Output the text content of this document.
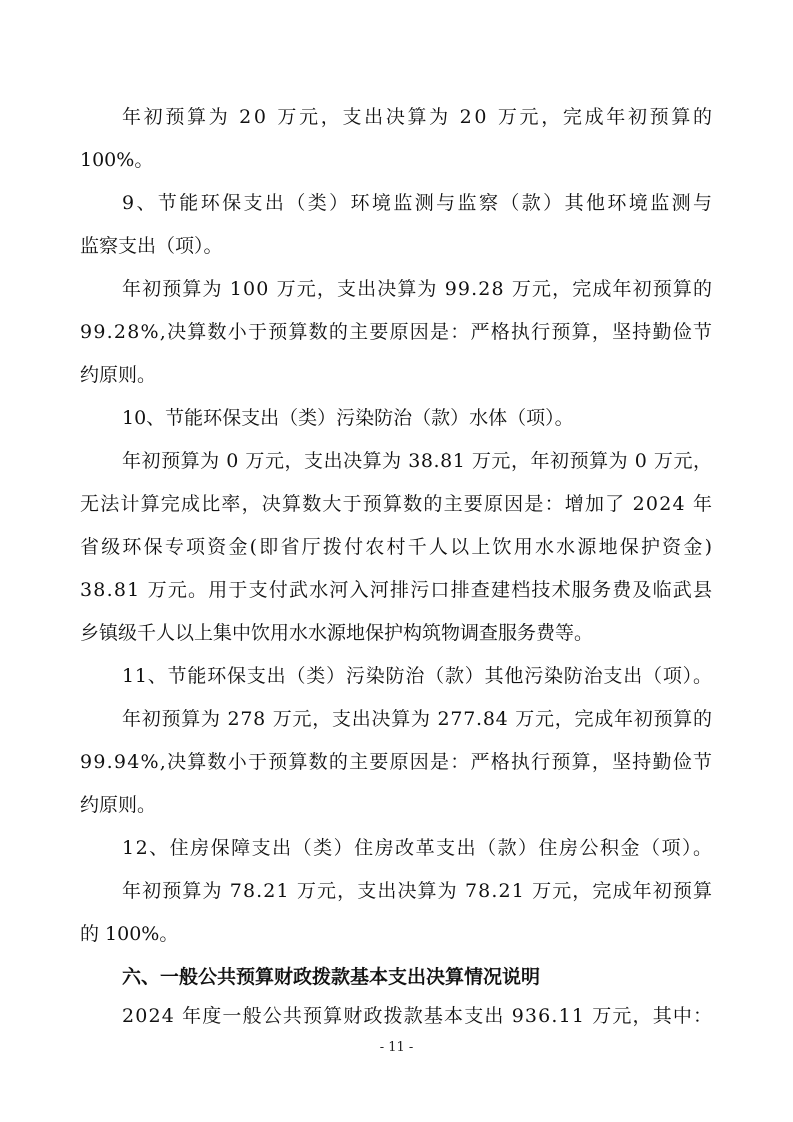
年初预算为 20 万元，支出决算为 20 万元，完成年初预算的

100%。

9、节能环保支出（类）环境监测与监察（款）其他环境监测与

监察支出（项）。

年初预算为 100 万元，支出决算为 99.28 万元，完成年初预算的

99.28%,决算数小于预算数的主要原因是：严格执行预算，坚持勤俭节

约原则。

10、节能环保支出（类）污染防治（款）水体（项）。

年初预算为 0 万元，支出决算为 38.81 万元，年初预算为 0 万元，

无法计算完成比率，决算数大于预算数的主要原因是：增加了 2024 年

省级环保专项资金(即省厅拨付农村千人以上饮用水水源地保护资金)

38.81 万元。用于支付武水河入河排污口排查建档技术服务费及临武县

乡镇级千人以上集中饮用水水源地保护构筑物调查服务费等。

11、节能环保支出（类）污染防治（款）其他污染防治支出（项）。

年初预算为 278 万元，支出决算为 277.84 万元，完成年初预算的

99.94%,决算数小于预算数的主要原因是：严格执行预算，坚持勤俭节

约原则。

12、住房保障支出（类）住房改革支出（款）住房公积金（项）。

年初预算为 78.21 万元，支出决算为 78.21 万元，完成年初预算

的 100%。

六、一般公共预算财政拨款基本支出决算情况说明

2024 年度一般公共预算财政拨款基本支出 936.11 万元，其中：

- 11 -
